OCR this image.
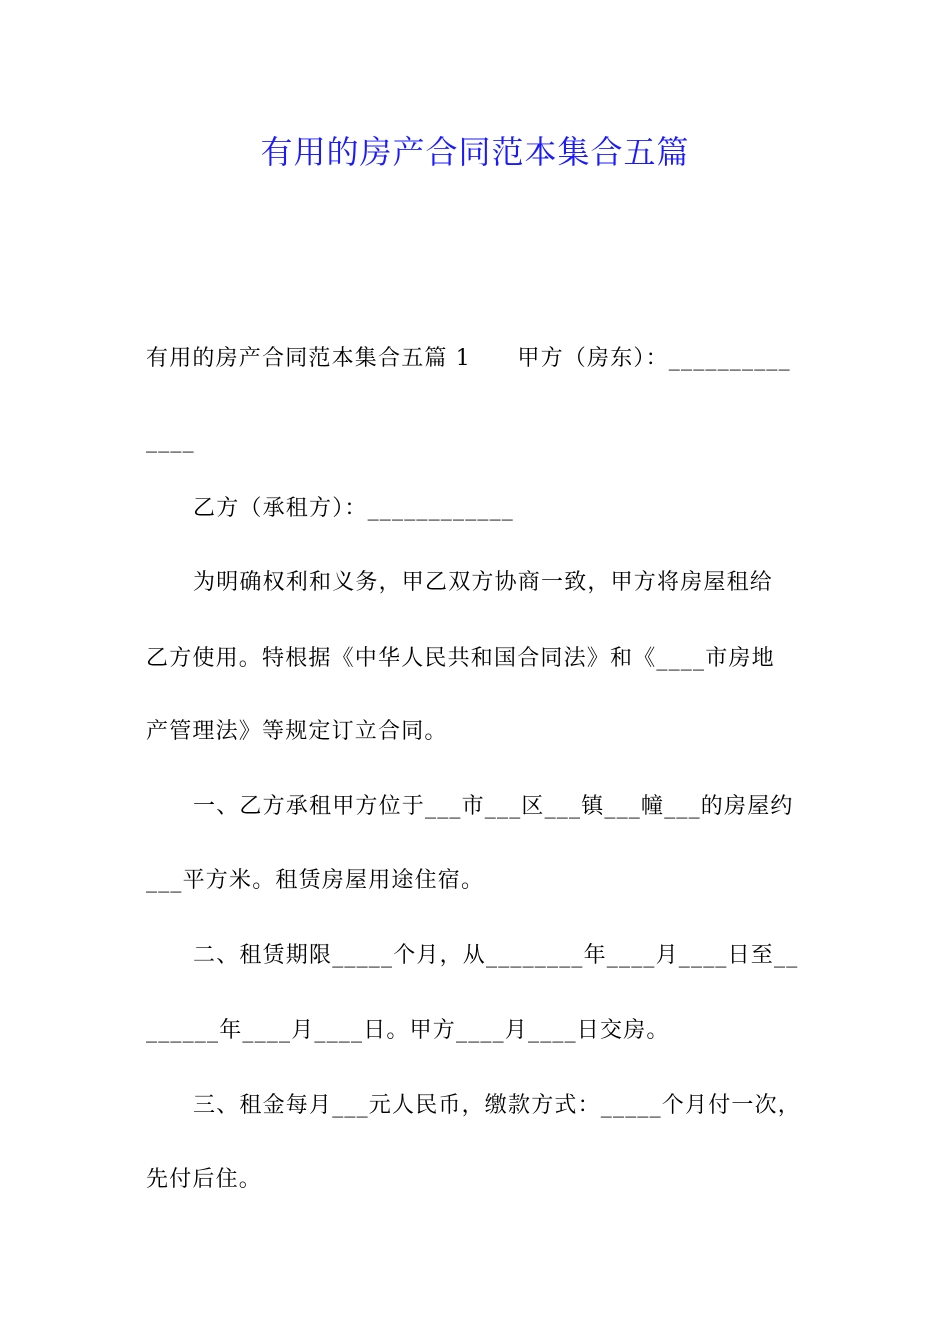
有用的房产合同范本集合五篇
有用的房产合同范本集合五篇 1　　甲方（房东）：__________
____
乙方（承租方）：____________
为明确权利和义务，甲乙双方协商一致，甲方将房屋租给
乙方使用。特根据《中华人民共和国合同法》和《____市房地
产管理法》等规定订立合同。
一、乙方承租甲方位于___市___区___镇___幢___的房屋约
___平方米。租赁房屋用途住宿。
二、租赁期限_____个月，从________年____月____日至__
______年____月____日。甲方____月____日交房。
三、租金每月___元人民币，缴款方式：_____个月付一次，
先付后住。
